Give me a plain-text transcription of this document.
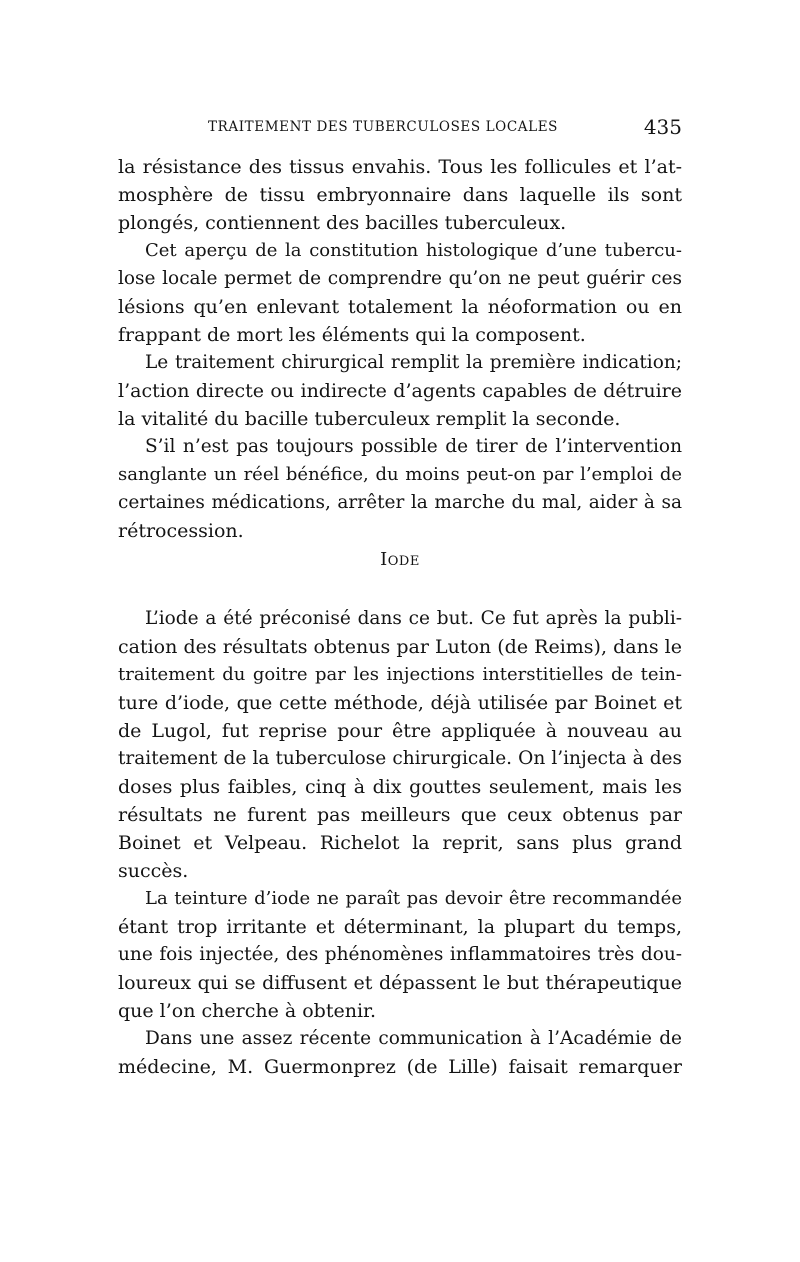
TRAITEMENT DES TUBERCULOSES LOCALES	435
la résistance des tissus envahis. Tous les follicules et l’at-
mosphère de tissu embryonnaire dans laquelle ils sont
plongés, contiennent des bacilles tuberculeux.
Cet aperçu de la constitution histologique d’une tubercu-
lose locale permet de comprendre qu’on ne peut guérir ces
lésions qu’en enlevant totalement la néoformation ou en
frappant de mort les éléments qui la composent.
Le traitement chirurgical remplit la première indication;
l’action directe ou indirecte d’agents capables de détruire
la vitalité du bacille tuberculeux remplit la seconde.
S’il n’est pas toujours possible de tirer de l’intervention
sanglante un réel bénéfice, du moins peut-on par l’emploi de
certaines médications, arrêter la marche du mal, aider à sa
rétrocession.
Iode
L’iode a été préconisé dans ce but. Ce fut après la publi-
cation des résultats obtenus par Luton (de Reims), dans le
traitement du goitre par les injections interstitielles de tein-
ture d’iode, que cette méthode, déjà utilisée par Boinet et
de Lugol, fut reprise pour être appliquée à nouveau au
traitement de la tuberculose chirurgicale. On l’injecta à des
doses plus faibles, cinq à dix gouttes seulement, mais les
résultats ne furent pas meilleurs que ceux obtenus par
Boinet et Velpeau. Richelot la reprit, sans plus grand
succès.
La teinture d’iode ne paraît pas devoir être recommandée
étant trop irritante et déterminant, la plupart du temps,
une fois injectée, des phénomènes inflammatoires très dou-
loureux qui se diffusent et dépassent le but thérapeutique
que l’on cherche à obtenir.
Dans une assez récente communication à l’Académie de
médecine, M. Guermonprez (de Lille) faisait remarquer
